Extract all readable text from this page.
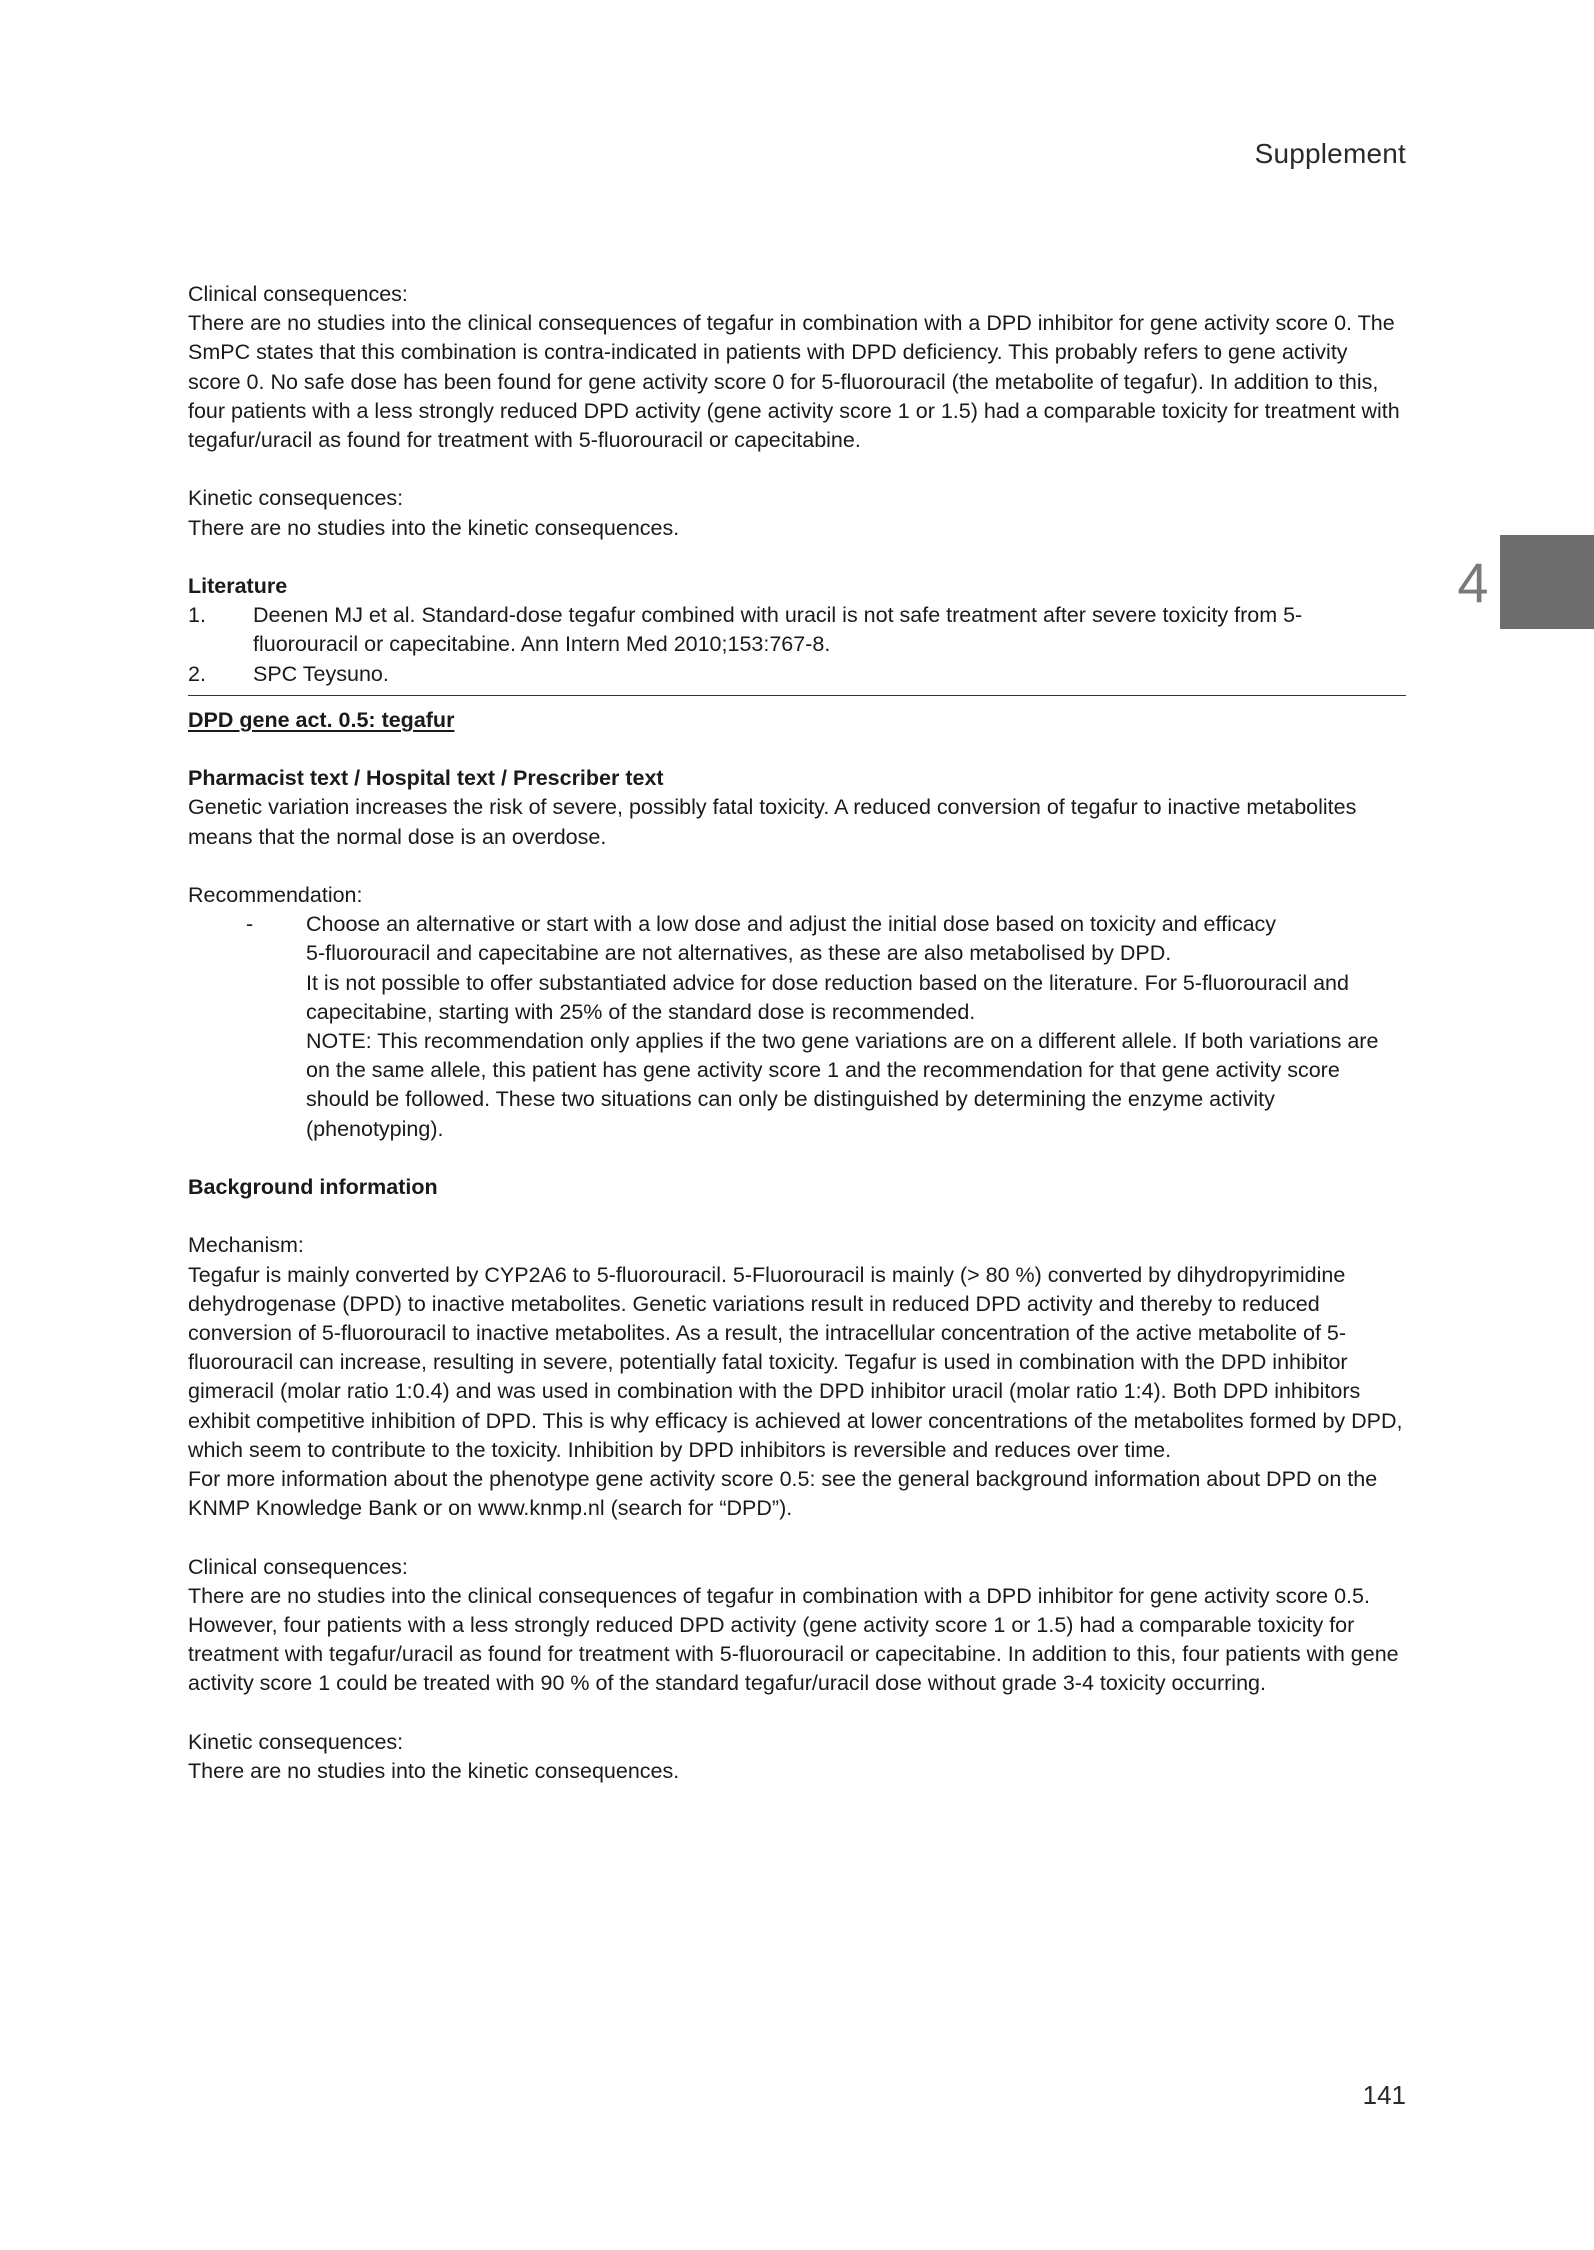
Supplement
4

Clinical consequences:

There are no studies into the clinical consequences of tegafur in combination with a DPD inhibitor for gene activity score 0. The SmPC states that this combination is contra-indicated in patients with DPD deficiency. This probably refers to gene activity score 0. No safe dose has been found for gene activity score 0 for 5-fluorouracil (the metabolite of tegafur). In addition to this, four patients with a less strongly reduced DPD activity (gene activity score 1 or 1.5) had a comparable toxicity for treatment with tegafur/uracil as found for treatment with 5-fluorouracil or capecitabine.

Kinetic consequences:

There are no studies into the kinetic consequences.

Literature

1.	Deenen MJ et al. Standard-dose tegafur combined with uracil is not safe treatment after severe toxicity from 5-fluorouracil or capecitabine. Ann Intern Med 2010;153:767-8.
2.	SPC Teysuno.

DPD gene act. 0.5: tegafur

Pharmacist text / Hospital text / Prescriber text

Genetic variation increases the risk of severe, possibly fatal toxicity. A reduced conversion of tegafur to inactive metabolites means that the normal dose is an overdose.

Recommendation:

-	Choose an alternative or start with a low dose and adjust the initial dose based on toxicity and efficacy

5-fluorouracil and capecitabine are not alternatives, as these are also metabolised by DPD.

It is not possible to offer substantiated advice for dose reduction based on the literature. For 5-fluorouracil and capecitabine, starting with 25% of the standard dose is recommended.

NOTE: This recommendation only applies if the two gene variations are on a different allele. If both variations are on the same allele, this patient has gene activity score 1 and the recommendation for that gene activity score should be followed. These two situations can only be distinguished by determining the enzyme activity (phenotyping).

Background information

Mechanism:

Tegafur is mainly converted by CYP2A6 to 5-fluorouracil. 5-Fluorouracil is mainly (> 80 %) converted by dihydropyrimidine dehydrogenase (DPD) to inactive metabolites. Genetic variations result in reduced DPD activity and thereby to reduced conversion of 5-fluorouracil to inactive metabolites. As a result, the intracellular concentration of the active metabolite of 5-fluorouracil can increase, resulting in severe, potentially fatal toxicity. Tegafur is used in combination with the DPD inhibitor gimeracil (molar ratio 1:0.4) and was used in combination with the DPD inhibitor uracil (molar ratio 1:4). Both DPD inhibitors exhibit competitive inhibition of DPD. This is why efficacy is achieved at lower concentrations of the metabolites formed by DPD, which seem to contribute to the toxicity. Inhibition by DPD inhibitors is reversible and reduces over time.

For more information about the phenotype gene activity score 0.5: see the general background information about DPD on the KNMP Knowledge Bank or on www.knmp.nl (search for “DPD”).

Clinical consequences:

There are no studies into the clinical consequences of tegafur in combination with a DPD inhibitor for gene activity score 0.5. However, four patients with a less strongly reduced DPD activity (gene activity score 1 or 1.5) had a comparable toxicity for treatment with tegafur/uracil as found for treatment with 5-fluorouracil or capecitabine. In addition to this, four patients with gene activity score 1 could be treated with 90 % of the standard tegafur/uracil dose without grade 3-4 toxicity occurring.

Kinetic consequences:

There are no studies into the kinetic consequences.

141
